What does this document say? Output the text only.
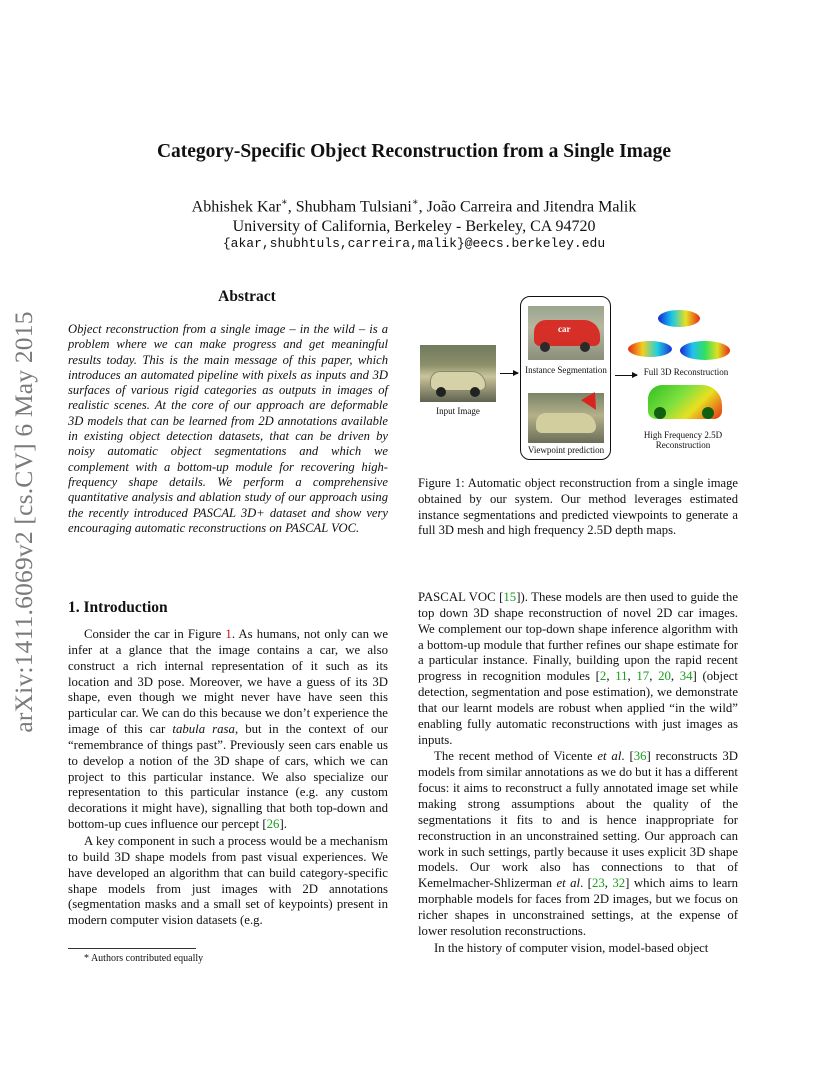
arXiv:1411.6069v2 [cs.CV] 6 May 2015
Category-Specific Object Reconstruction from a Single Image
Abhishek Kar∗, Shubham Tulsiani∗, João Carreira and Jitendra Malik
University of California, Berkeley - Berkeley, CA 94720
{akar,shubhtuls,carreira,malik}@eecs.berkeley.edu
Abstract
Object reconstruction from a single image – in the wild – is a problem where we can make progress and get meaningful results today. This is the main message of this paper, which introduces an automated pipeline with pixels as inputs and 3D surfaces of various rigid categories as outputs in images of realistic scenes. At the core of our approach are deformable 3D models that can be learned from 2D annotations available in existing object detection datasets, that can be driven by noisy automatic object segmentations and which we complement with a bottom-up module for recovering high-frequency shape details. We perform a comprehensive quantitative analysis and ablation study of our approach using the recently introduced PASCAL 3D+ dataset and show very encouraging automatic reconstructions on PASCAL VOC.
1. Introduction

Consider the car in Figure 1. As humans, not only can we infer at a glance that the image contains a car, we also construct a rich internal representation of it such as its location and 3D pose. Moreover, we have a guess of its 3D shape, even though we might never have have seen this particular car. We can do this because we don’t experience the image of this car tabula rasa, but in the context of our “remembrance of things past”. Previously seen cars enable us to develop a notion of the 3D shape of cars, which we can project to this particular instance. We also specialize our representation to this particular instance (e.g. any custom decorations it might have), signalling that both top-down and bottom-up cues influence our percept [26].

A key component in such a process would be a mechanism to build 3D shape models from past visual experiences. We have developed an algorithm that can build category-specific shape models from just images with 2D annotations (segmentation masks and a small set of keypoints) present in modern computer vision datasets (e.g.

* Authors contributed equally
Input Image
car
Instance Segmentation
Viewpoint prediction
Full 3D Reconstruction
High Frequency 2.5D
Reconstruction
Figure 1: Automatic object reconstruction from a single image obtained by our system. Our method leverages estimated instance segmentations and predicted viewpoints to generate a full 3D mesh and high frequency 2.5D depth maps.

PASCAL VOC [15]). These models are then used to guide the top down 3D shape reconstruction of novel 2D car images. We complement our top-down shape inference algorithm with a bottom-up module that further refines our shape estimate for a particular instance. Finally, building upon the rapid recent progress in recognition modules [2, 11, 17, 20, 34] (object detection, segmentation and pose estimation), we demonstrate that our learnt models are robust when applied “in the wild” enabling fully automatic reconstructions with just images as inputs.

The recent method of Vicente et al. [36] reconstructs 3D models from similar annotations as we do but it has a different focus: it aims to reconstruct a fully annotated image set while making strong assumptions about the quality of the segmentations it fits to and is hence inappropriate for reconstruction in an unconstrained setting. Our approach can work in such settings, partly because it uses explicit 3D shape models. Our work also has connections to that of Kemelmacher-Shlizerman et al. [23, 32] which aims to learn morphable models for faces from 2D images, but we focus on richer shapes in unconstrained settings, at the expense of lower resolution reconstructions.

In the history of computer vision, model-based object
